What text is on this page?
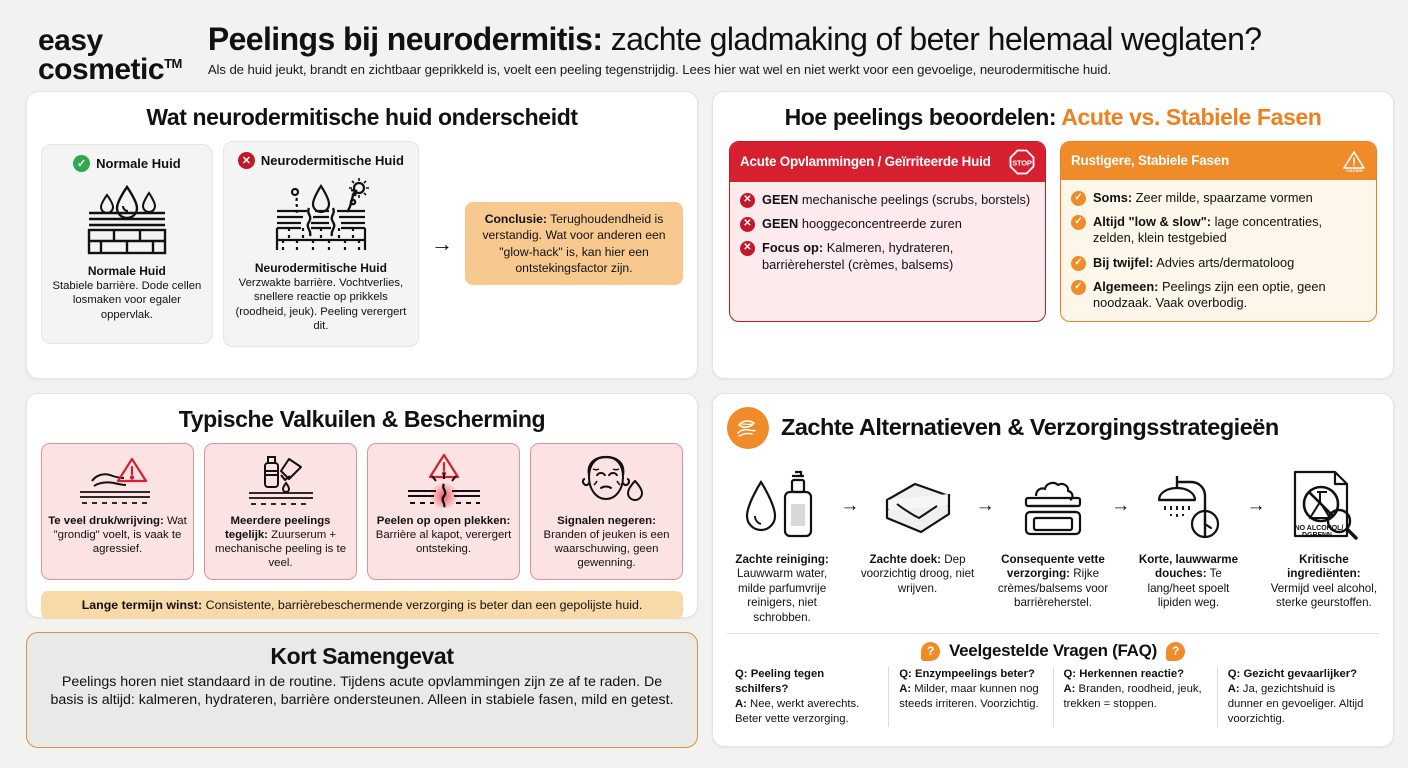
easy
cosmetic™
Peelings bij neurodermitis: zachte gladmaking of beter helemaal weglaten?
Als de huid jeukt, brandt en zichtbaar geprikkeld is, voelt een peeling tegenstrijdig. Lees hier wat wel en niet werkt voor een gevoelige, neurodermitische huid.
Wat neurodermitische huid onderscheidt
✓ Normale Huid
Normale Huid
Stabiele barrière. Dode cellen losmaken voor egaler oppervlak.
✕ Neurodermitische Huid
Neurodermitische Huid
Verzwakte barrière. Vochtverlies, snellere reactie op prikkels (roodheid, jeuk). Peeling verergert dit.
→
Conclusie: Terughoudendheid is verstandig. Wat voor anderen een "glow-hack" is, kan hier een ontstekingsfactor zijn.
Typische Valkuilen & Bescherming
Te veel druk/wrijving: Wat "grondig" voelt, is vaak te agressief.
Meerdere peelings tegelijk: Zuurserum + mechanische peeling is te veel.
Peelen op open plekken: Barrière al kapot, verergert ontsteking.
Signalen negeren: Branden of jeuken is een waarschuwing, geen gewenning.
Lange termijn winst: Consistente, barrièrebeschermende verzorging is beter dan een gepolijste huid.
Kort Samengevat

Peelings horen niet standaard in de routine. Tijdens acute opvlammingen zijn ze af te raden. De basis is altijd: kalmeren, hydrateren, barrière ondersteunen. Alleen in stabiele fasen, mild en getest.

Hoe peelings beoordelen: Acute vs. Stabiele Fasen
Acute Opvlammingen / Geïrriteerde Huid	STOP
✕ GEEN mechanische peelings (scrubs, borstels)
✕ GEEN hooggeconcentreerde zuren
✕ Focus op: Kalmeren, hydrateren, barrièreherstel (crèmes, balsems)
Rustigere, Stabiele Fasen
CAUTION
✓ Soms: Zeer milde, spaarzame vormen
✓ Altijd "low & slow": lage concentraties, zelden, klein testgebied
✓ Bij twijfel: Advies arts/dermatoloog
✓ Algemeen: Peelings zijn een optie, geen noodzaak. Vaak overbodig.
Zachte Alternatieven & Verzorgingsstrategieën
Zachte reiniging: Lauwwarm water, milde parfumvrije reinigers, niet schrobben.
→
Zachte doek: Dep voorzichtig droog, niet wrijven.
→
Consequente vette verzorging: Rijke crèmes/balsems voor barrièreherstel.
→
Korte, lauwwarme douches: Te lang/heet spoelt lipiden weg.
→
NO ALCOHOL/
DGRFNN
Kritische ingrediënten: Vermijd veel alcohol, sterke geurstoffen.
? Veelgestelde Vragen (FAQ)	?
Q: Peeling tegen schilfers?
A: Nee, werkt averechts. Beter vette verzorging.
Q: Enzympeelings beter?
A: Milder, maar kunnen nog steeds irriteren. Voorzichtig.
Q: Herkennen reactie?
A: Branden, roodheid, jeuk, trekken = stoppen.
Q: Gezicht gevaarlijker?
A: Ja, gezichtshuid is dunner en gevoeliger. Altijd voorzichtig.
